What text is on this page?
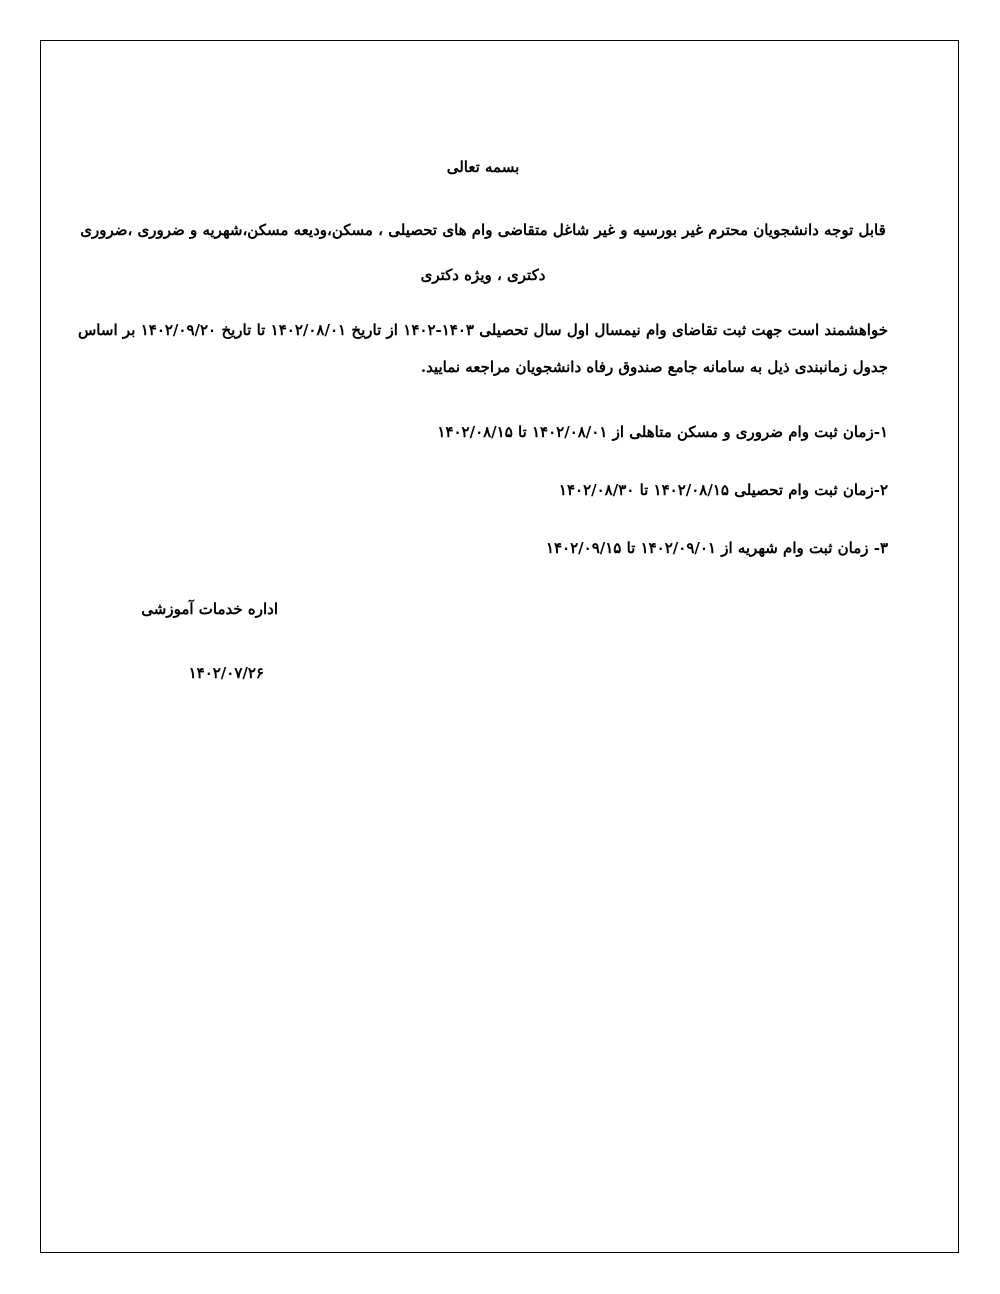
بسمه تعالی
قابل توجه دانشجویان محترم غیر بورسیه و غیر شاغل متقاضی وام های تحصیلی ، مسکن،ودیعه مسکن،شهریه و ضروری ،ضروری دکتری ، ویژه دکتری
خواهشمند است جهت ثبت تقاضای وام نیمسال اول سال تحصیلی ۱۴۰۳-۱۴۰۲ از تاریخ ۱۴۰۲/۰۸/۰۱ تا تاریخ ۱۴۰۲/۰۹/۲۰ بر اساس جدول زمانبندی ذیل به سامانه جامع صندوق رفاه دانشجویان مراجعه نمایید.
۱-زمان ثبت وام ضروری و مسکن متاهلی از ۱۴۰۲/۰۸/۰۱ تا ۱۴۰۲/۰۸/۱۵
۲-زمان ثبت وام تحصیلی ۱۴۰۲/۰۸/۱۵ تا ۱۴۰۲/۰۸/۳۰
۳- زمان ثبت وام شهریه از ۱۴۰۲/۰۹/۰۱ تا ۱۴۰۲/۰۹/۱۵
اداره خدمات آموزشی
۱۴۰۲/۰۷/۲۶
